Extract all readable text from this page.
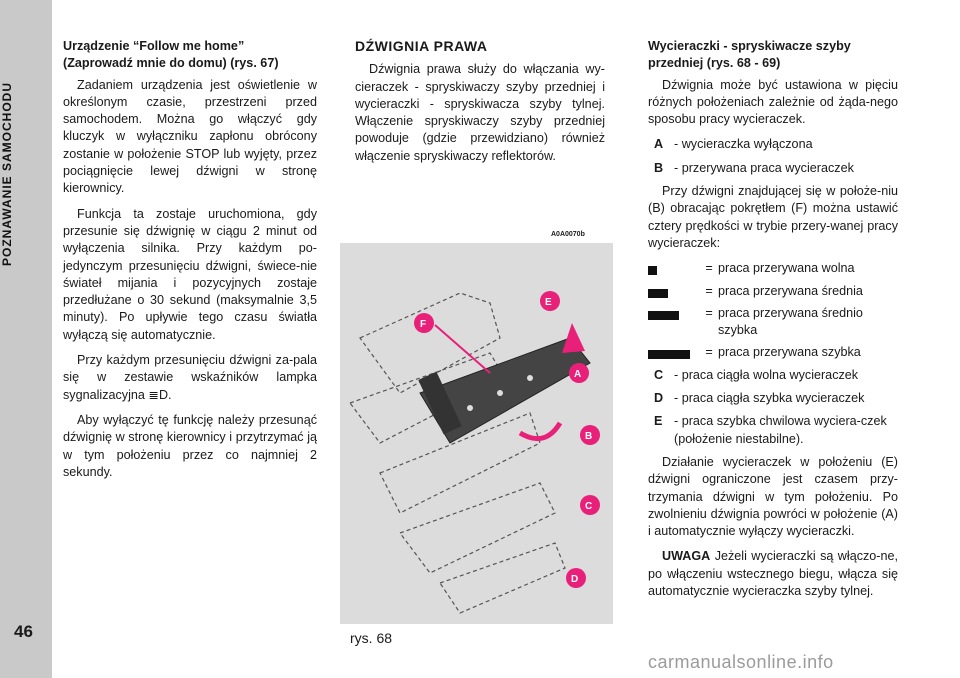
POZNAWANIE SAMOCHODU
46
Urządzenie “Follow me home” (Zaprowadź mnie do domu) (rys. 67)

Zadaniem urządzenia jest oświetlenie w określonym czasie, przestrzeni przed samochodem. Można go włączyć gdy kluczyk w wyłączniku zapłonu obrócony zostanie w położenie STOP lub wyjęty, przez pociągnięcie lewej dźwigni w stronę kierownicy.

Funkcja ta zostaje uruchomiona, gdy przesunie się dźwignię w ciągu 2 minut od wyłączenia silnika. Przy każdym po-jedynczym przesunięciu dźwigni, świece-nie świateł mijania i pozycyjnych zostaje przedłużane o 30 sekund (maksymalnie 3,5 minuty). Po upływie tego czasu światła wyłączą się automatycznie.

Przy każdym przesunięciu dźwigni za-pala się w zestawie wskaźników lampka sygnalizacyjna ≣D.

Aby wyłączyć tę funkcję należy przesunąć dźwignię w stronę kierownicy i przytrzymać ją w tym położeniu przez co najmniej 2 sekundy.

DŹWIGNIA PRAWA

Dźwignia prawa służy do włączania wy-cieraczek - spryskiwaczy szyby przedniej i wycieraczki - spryskiwacza szyby tylnej. Włączenie spryskiwaczy szyby przedniej powoduje (gdzie przewidziano) również włączenie spryskiwaczy reflektorów.

A0A0070b
E
F
A
B
C
D
rys. 68
Wycieraczki - spryskiwacze szyby przedniej (rys. 68 - 69)

Dźwignia może być ustawiona w pięciu różnych położeniach zależnie od żąda-nego sposobu pracy wycieraczek.

A - wycieraczka wyłączona
B - przerywana praca wycieraczek

Przy dźwigni znajdującej się w położe-niu (B) obracając pokrętłem (F) można ustawić cztery prędkości w trybie przery-wanej pracy wycieraczek:

= praca przerywana wolna
= praca przerywana średnia
= praca przerywana średnio szybka
= praca przerywana szybka
C - praca ciągła wolna wycieraczek
D - praca ciągła szybka wycieraczek
E - praca szybka chwilowa wyciera-czek (położenie niestabilne).

Działanie wycieraczek w położeniu (E) dźwigni ograniczone jest czasem przy-trzymania dźwigni w tym położeniu. Po zwolnieniu dźwignia powróci w położenie (A) i automatycznie wyłączy wycieraczki.

UWAGA Jeżeli wycieraczki są włączo-ne, po włączeniu wstecznego biegu, włącza się automatycznie wycieraczka szyby tylnej.

carmanualsonline.info
